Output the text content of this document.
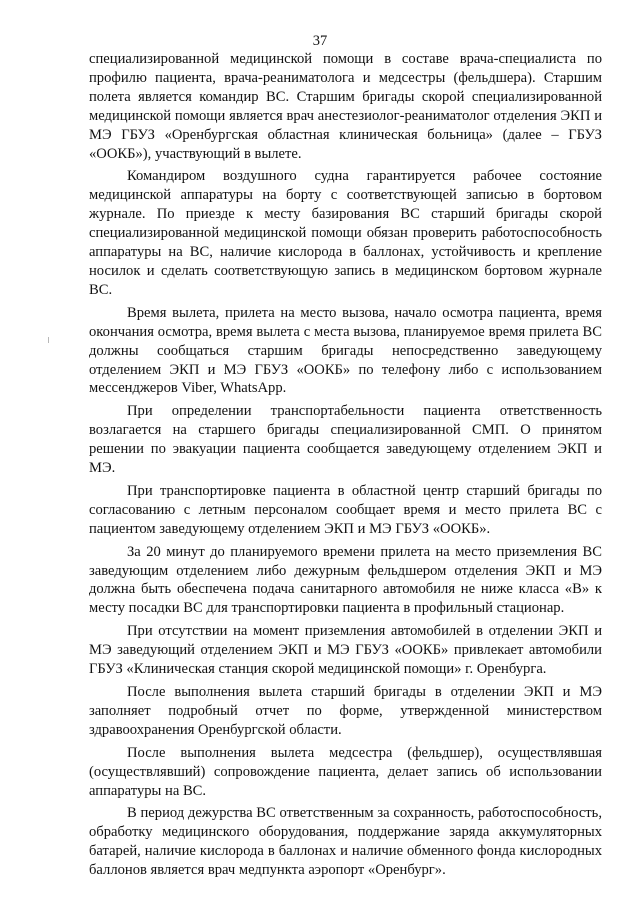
37

специализированной медицинской помощи в составе врача-специалиста по профилю пациента, врача-реаниматолога и медсестры (фельдшера). Старшим полета является командир ВС. Старшим бригады скорой специализированной медицинской помощи является врач анестезиолог-реаниматолог отделения ЭКП и МЭ ГБУЗ «Оренбургская областная клиническая больница» (далее – ГБУЗ «ООКБ»), участвующий в вылете.

Командиром воздушного судна гарантируется рабочее состояние медицинской аппаратуры на борту с соответствующей записью в бортовом журнале. По приезде к месту базирования ВС старший бригады скорой специализированной медицинской помощи обязан проверить работоспособность аппаратуры на ВС, наличие кислорода в баллонах, устойчивость и крепление носилок и сделать соответствующую запись в медицинском бортовом журнале ВС.

Время вылета, прилета на место вызова, начало осмотра пациента, время окончания осмотра, время вылета с места вызова, планируемое время прилета ВС должны сообщаться старшим бригады непосредственно заведующему отделением ЭКП и МЭ ГБУЗ «ООКБ» по телефону либо с использованием мессенджеров Viber, WhatsApp.

При определении транспортабельности пациента ответственность возлагается на старшего бригады специализированной СМП. О принятом решении по эвакуации пациента сообщается заведующему отделением ЭКП и МЭ.

При транспортировке пациента в областной центр старший бригады по согласованию с летным персоналом сообщает время и место прилета ВС с пациентом заведующему отделением ЭКП и МЭ ГБУЗ «ООКБ».

За 20 минут до планируемого времени прилета на место приземления ВС заведующим отделением либо дежурным фельдшером отделения ЭКП и МЭ должна быть обеспечена подача санитарного автомобиля не ниже класса «В» к месту посадки ВС для транспортировки пациента в профильный стационар.

При отсутствии на момент приземления автомобилей в отделении ЭКП и МЭ заведующий отделением ЭКП и МЭ ГБУЗ «ООКБ» привлекает автомобили ГБУЗ «Клиническая станция скорой медицинской помощи» г. Оренбурга.

После выполнения вылета старший бригады в отделении ЭКП и МЭ заполняет подробный отчет по форме, утвержденной министерством здравоохранения Оренбургской области.

После выполнения вылета медсестра (фельдшер), осуществлявшая (осуществлявший) сопровождение пациента, делает запись об использовании аппаратуры на ВС.

В период дежурства ВС ответственным за сохранность, работоспособность, обработку медицинского оборудования, поддержание заряда аккумуляторных батарей, наличие кислорода в баллонах и наличие обменного фонда кислородных баллонов является врач медпункта аэропорт «Оренбург».
